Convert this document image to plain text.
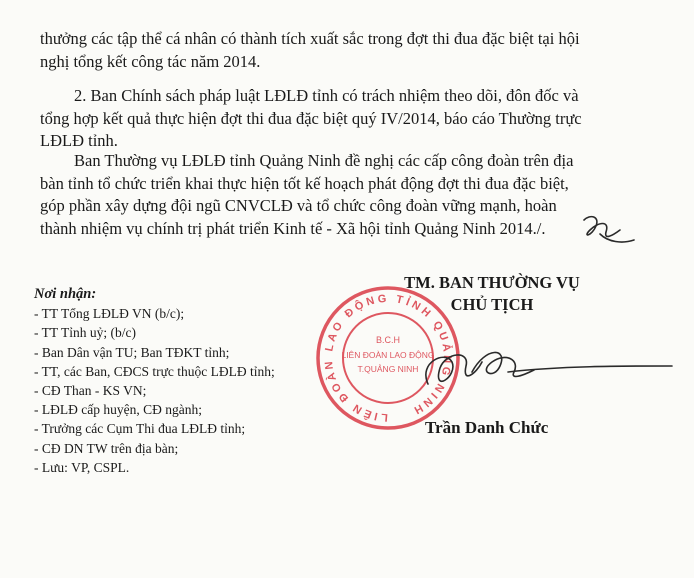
thưởng các tập thể cá nhân có thành tích xuất sắc trong đợt thi đua đặc biệt tại hội
nghị tổng kết công tác năm 2014.

2. Ban Chính sách pháp luật LĐLĐ tỉnh có trách nhiệm theo dõi, đôn đốc và
tổng hợp kết quả thực hiện đợt thi đua đặc biệt quý IV/2014, báo cáo Thường trực
LĐLĐ tỉnh.

Ban Thường vụ LĐLĐ tỉnh Quảng Ninh đề nghị các cấp công đoàn trên địa
bàn tỉnh tổ chức triển khai thực hiện tốt kế hoạch phát động đợt thi đua đặc biệt,
góp phần xây dựng đội ngũ CNVCLĐ và tổ chức công đoàn vững mạnh, hoàn
thành nhiệm vụ chính trị phát triển Kinh tế - Xã hội tỉnh Quảng Ninh 2014./.

Nơi nhận:
- TT Tổng LĐLĐ VN (b/c);
- TT Tỉnh uỷ; (b/c)
- Ban Dân vận TU; Ban TĐKT tỉnh;
- TT, các Ban, CĐCS trực thuộc LĐLĐ tỉnh;
- CĐ Than - KS VN;
- LĐLĐ cấp huyện, CĐ ngành;
- Trưởng các Cụm Thi đua LĐLĐ tỉnh;
- CĐ DN TW trên địa bàn;
- Lưu: VP, CSPL.
TM. BAN THƯỜNG VỤ
CHỦ TỊCH
LIÊN ĐOÀN LAO ĐỘNG TỈNH QUẢNG NINH
B.C.H
LIÊN ĐOÀN LAO ĐỘNG
T.QUẢNG NINH
Trần Danh Chức
